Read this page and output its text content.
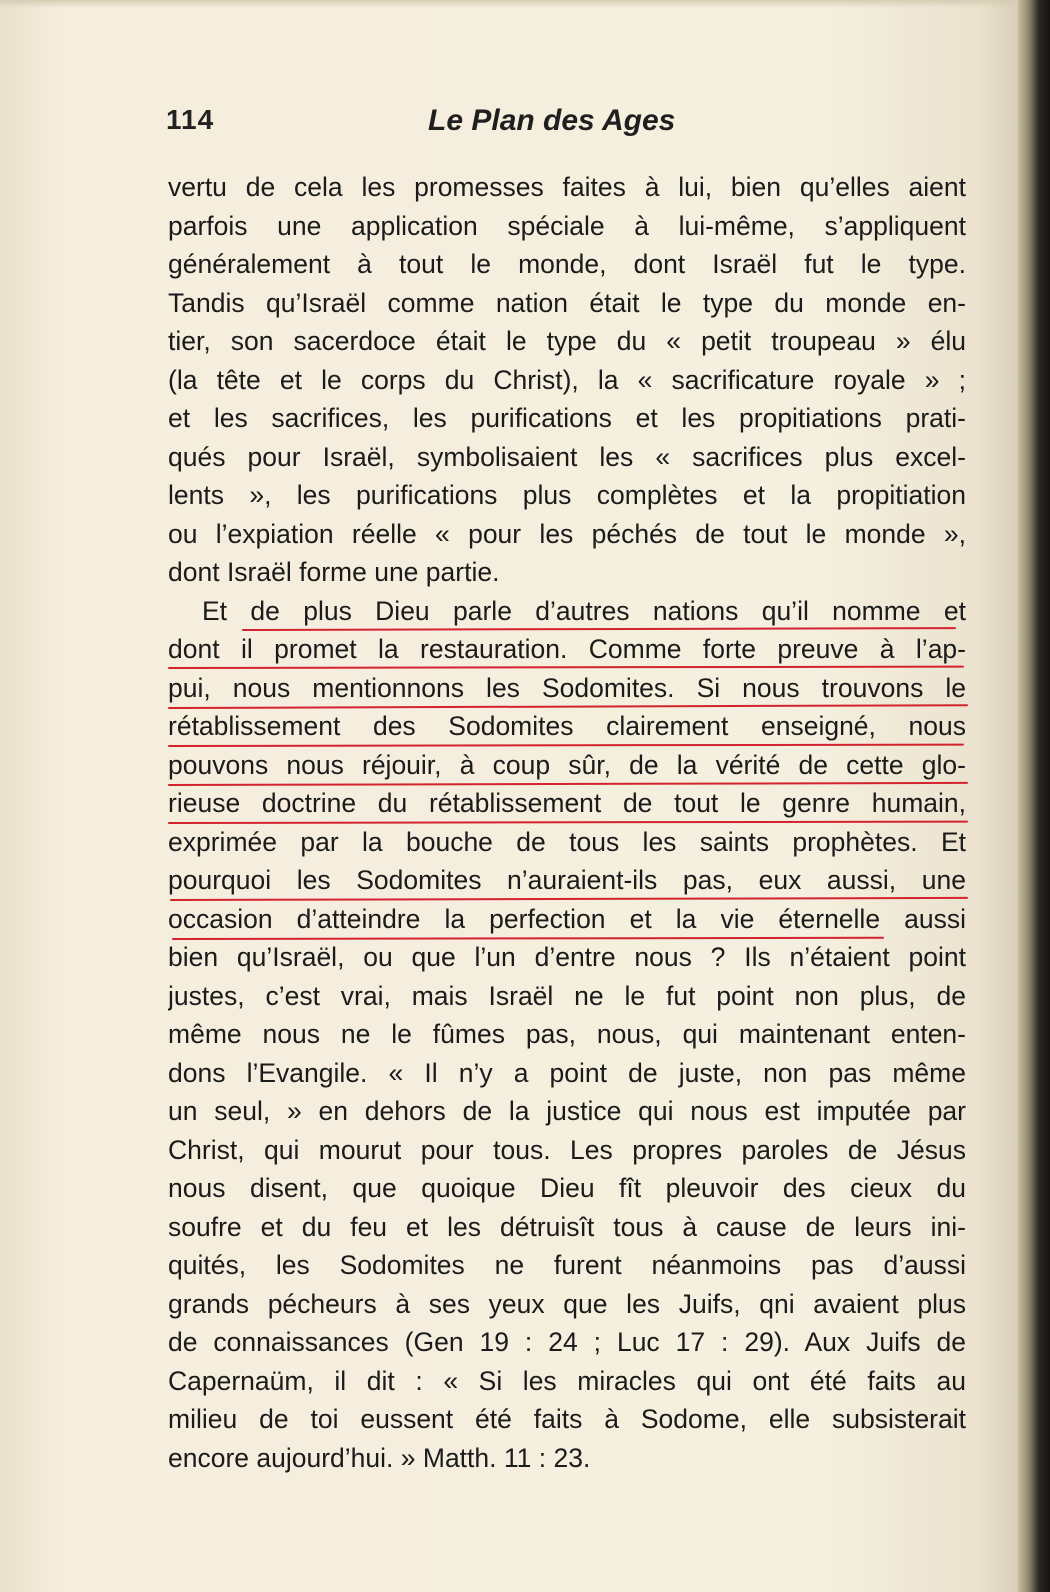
114	Le Plan des Ages
vertu de cela les promesses faites à lui, bien qu’elles aient
parfois une application spéciale à lui-même, s’appliquent
généralement à tout le monde, dont Israël fut le type.
Tandis qu’Israël comme nation était le type du monde en-
tier, son sacerdoce était le type du « petit troupeau » élu
(la tête et le corps du Christ), la « sacrificature royale » ;
et les sacrifices, les purifications et les propitiations prati-
qués pour Israël, symbolisaient les « sacrifices plus excel-
lents », les purifications plus complètes et la propitiation
ou l’expiation réelle « pour les péchés de tout le monde »,
dont Israël forme une partie.
Et de plus Dieu parle d’autres nations qu’il nomme et
dont il promet la restauration. Comme forte preuve à l’ap-
pui, nous mentionnons les Sodomites. Si nous trouvons le
rétablissement des Sodomites clairement enseigné, nous
pouvons nous réjouir, à coup sûr, de la vérité de cette glo-
rieuse doctrine du rétablissement de tout le genre humain,
exprimée par la bouche de tous les saints prophètes. Et
pourquoi les Sodomites n’auraient-ils pas, eux aussi, une
occasion d’atteindre la perfection et la vie éternelle aussi
bien qu’Israël, ou que l’un d’entre nous ? Ils n’étaient point
justes, c’est vrai, mais Israël ne le fut point non plus, de
même nous ne le fûmes pas, nous, qui maintenant enten-
dons l’Evangile. « Il n’y a point de juste, non pas même
un seul, » en dehors de la justice qui nous est imputée par
Christ, qui mourut pour tous. Les propres paroles de Jésus
nous disent, que quoique Dieu fît pleuvoir des cieux du
soufre et du feu et les détruisît tous à cause de leurs ini-
quités, les Sodomites ne furent néanmoins pas d’aussi
grands pécheurs à ses yeux que les Juifs, qni avaient plus
de connaissances (Gen 19 : 24 ; Luc 17 : 29). Aux Juifs de
Capernaüm, il dit : « Si les miracles qui ont été faits au
milieu de toi eussent été faits à Sodome, elle subsisterait
encore aujourd’hui. » Matth. 11 : 23.
